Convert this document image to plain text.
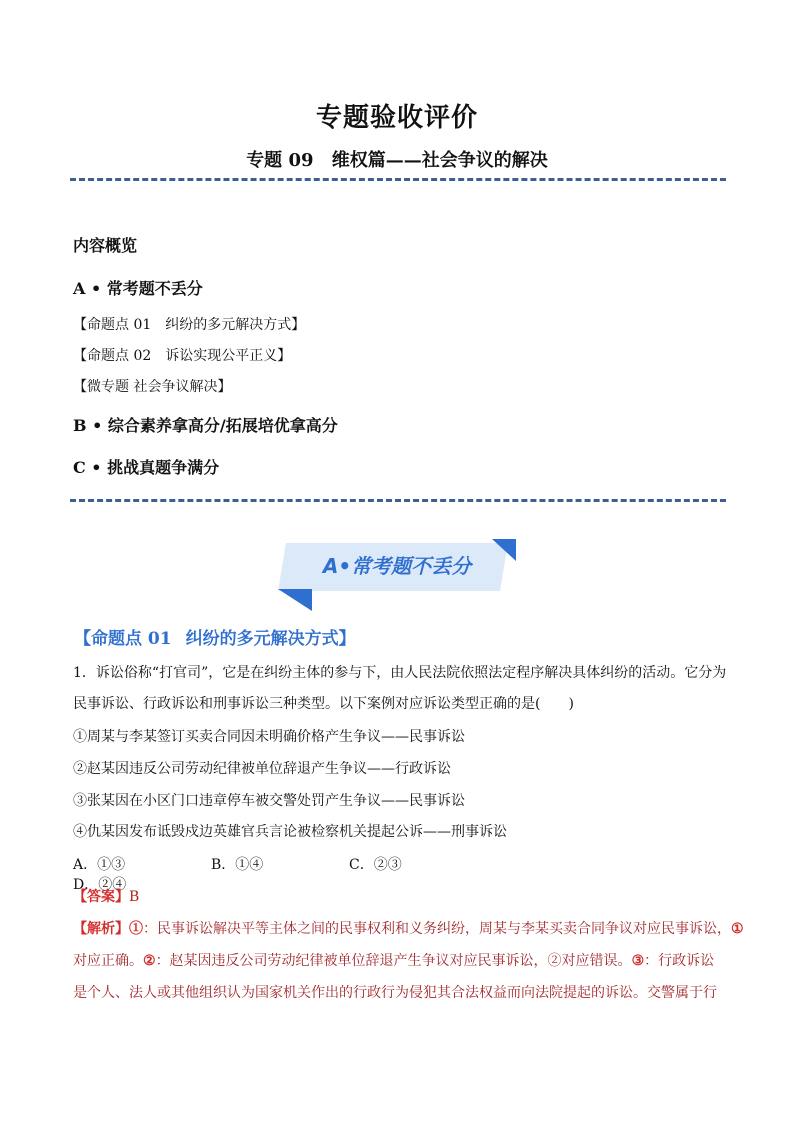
专题验收评价
专题 09 维权篇——社会争议的解决
内容概览
A • 常考题不丢分
【命题点 01　纠纷的多元解决方式】
【命题点 02　诉讼实现公平正义】
【微专题 社会争议解决】
B • 综合素养拿高分/拓展培优拿高分
C • 挑战真题争满分
A•常考题不丢分
【命题点 01 纠纷的多元解决方式】
1．诉讼俗称“打官司”，它是在纠纷主体的参与下，由人民法院依照法定程序解决具体纠纷的活动。它分为
民事诉讼、行政诉讼和刑事诉讼三种类型。以下案例对应诉讼类型正确的是(　　)
①周某与李某签订买卖合同因未明确价格产生争议——民事诉讼
②赵某因违反公司劳动纪律被单位辞退产生争议——行政诉讼
③张某因在小区门口违章停车被交警处罚产生争议——民事诉讼
④仇某因发布诋毁戍边英雄官兵言论被检察机关提起公诉——刑事诉讼
A．①③	B．①④	C．②③D．②④
【答案】B
【解析】①：民事诉讼解决平等主体之间的民事权利和义务纠纷，周某与李某买卖合同争议对应民事诉讼，①
对应正确。②：赵某因违反公司劳动纪律被单位辞退产生争议对应民事诉讼，②对应错误。③：行政诉讼
是个人、法人或其他组织认为国家机关作出的行政行为侵犯其合法权益而向法院提起的诉讼。交警属于行
